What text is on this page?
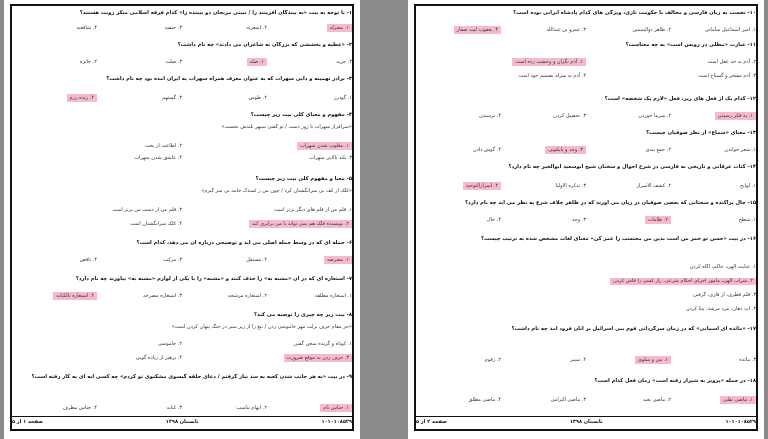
۱- با توجه به بیت «به بیندگان آفرینند را / نبینی مرنجان دو بیننده را» کدام فرقه اسلامی منکر رویت هستند؟
۱. معتزله
۲. اشعریه
۳. حنفیه
۴. شافعیه
۲- «عطیه و بخششی که بزرگان به شاعران می دادند» چه نام داشت؟
۴. جزیه
۱. صله
۳. صلت
۲. جایزه
۳- برادر تهمینه و دایی سهراب که به عنوان معرف همراه سهراب به ایران آمده بود چه نام داشت؟
۱. گودرز
۲. طوس
۳. گستهم
۴. زنده رزم
۴- مفهوم و معنای کلی بیت زیر چیست؟
«سرافراز سهراب با زور دست / تو گفتی سپهر بلندش بخست»
۱. مغلوب شدن سهراب
۲. اطاعت از بخت
۳. بلند بالایی سهراب
۴. عاشق شدن سهراب
۵- معنا و مفهوم کلی بیت زیر چیست؟
«کلک از کف بی سرانگشتان کرد / چون من ز کمندک خامه بی سر گیرم»
۱. قلم من از قلم های دیگر برتر است
۳. قلم من از دست من برتر است
۲. نویسنده فلک هم نمی تواند با من برابری کند
۴. کلک سرانگشتان است
۶- جمله ای که در وسط جمله اصلی می آید و توضیحی درباره آن می دهد، کدام است؟
۱. معترضه
۲. مستقل
۳. مرکب
۴. ناقص
۷- استعاره ای که در آن «مشبه به» را حذف کنند و «مشبه» را با یکی از لوازم «مشبه به» بیاورند چه نام دارد؟
۱. استعاره مطلقه
۲. استعاره مرشحه
۳. استعاره مصرحه
۴. استعاره بالکنایه
۸- بیت زیر چه چیزی را توصیه می کند؟
«حز مقام حرف برلب مهر خاموشی زدن / تیغ را از زیر سپر در جنگ پنهان کردن است»
۱. کوتاه و گزیده سخن گفتن
۲. خاموشی
۳. حرف زدن به موقع ضرورت
۴. پرهیز از زیاده گویی
۹- در بیت «به هر جانب شدن کعبه به سد نیاز گرفتم / دعای حلقه گیسوی مشکبوی تو کردم» چه کسی آیه ای به کار رفته است؟
۱. جناس تام
۲. ایهام تناسب
۳. کنایه
۴. جناس مطرف
صفحه ۱ از ۵	تابستان ۱۳۹۸	۱۰۱۰۱۰۸۵۲۹
۱۰- نخست به زبان فارسی و مخالف با حکومت تازی، ویژگی های کدام پادشاه ایرانی بوده است؟
۱. امیر اسماعیل سامانی
۲. طاهر ذوالیمینین
۳. عمرو بن عبدالله
۴. یعقوب لیث صفار
۱۱- عبارت «مطلی در روبس است» به چه معناست؟
۲. آدم به حد عقل است
۱. آدم نگران و وحشت زده است
۳. آدم مفتخر و گستاخ است
۴. آدم به منزله تصمیم خود است
۱۲- کدام یک از فعل های زیر، فعل «لازم یک شخصه» است؟
۱. به فکر رسیدن
۲. سرما خوردن
۳. تحصیل کردن
۴. ترسیدن
۱۳- معنای «سماع» از نظر صوفیان چیست؟
۱. شعر خواندن
۲. جمع بندی
۳. وجد و پایکوبی
۴. گوش دادن
۱۴- کتاب عرفانی و تاریخی به فارسی در شرح احوال و سخنان شیخ ابوسعید ابوالخیر چه نام دارد؟
۱. لوایح
۲. کشف الاسرار
۳. تذکره الاولیا
۴. اسرارالتوحید
۱۵- حال پراکنده و سختانی که بعضی صوفیان در زبان می آورند که در ظاهر خلاف شرع به نظر می آید چه نام دارد؟
۱. شطح
۲. طامات
۳. وجد
۴. حال
۱۶- در بیت «حسن تو خمر من است بدین من محتسب را غمز کن» معنای لغات مشخص شده به ترتیب چیست؟
۱. عنایت الهی، حاکم، آگاه کردن
۲. شراب الهی، مامور اجرای احکام شرعی، راز کسی را فاش کردن
۳. قلم قطری، از قاری، گرفتن
۴. آب دهان، مرد مرشد، بینا کردن
۱۷- «مائده ای آسمانی» که در زمان سرگردانی قوم بنی اسرائیل بر آنان فرود آمد چه نام داشت؟
۳. مائده
۱. من و سلوی
۴. سیبر
۲. زقوم
۱۸- در جمله «پرویز به شیراز رفته است» زمان فعل کدام است؟
۱. ماضی نقلی
۲. ماضی بعید
۳. ماضی التزامی
۴. ماضی مطلق
صفحه ۲ از ۵	تابستان ۱۳۹۸	۱۰۱۰۱۰۸۵۲۹
